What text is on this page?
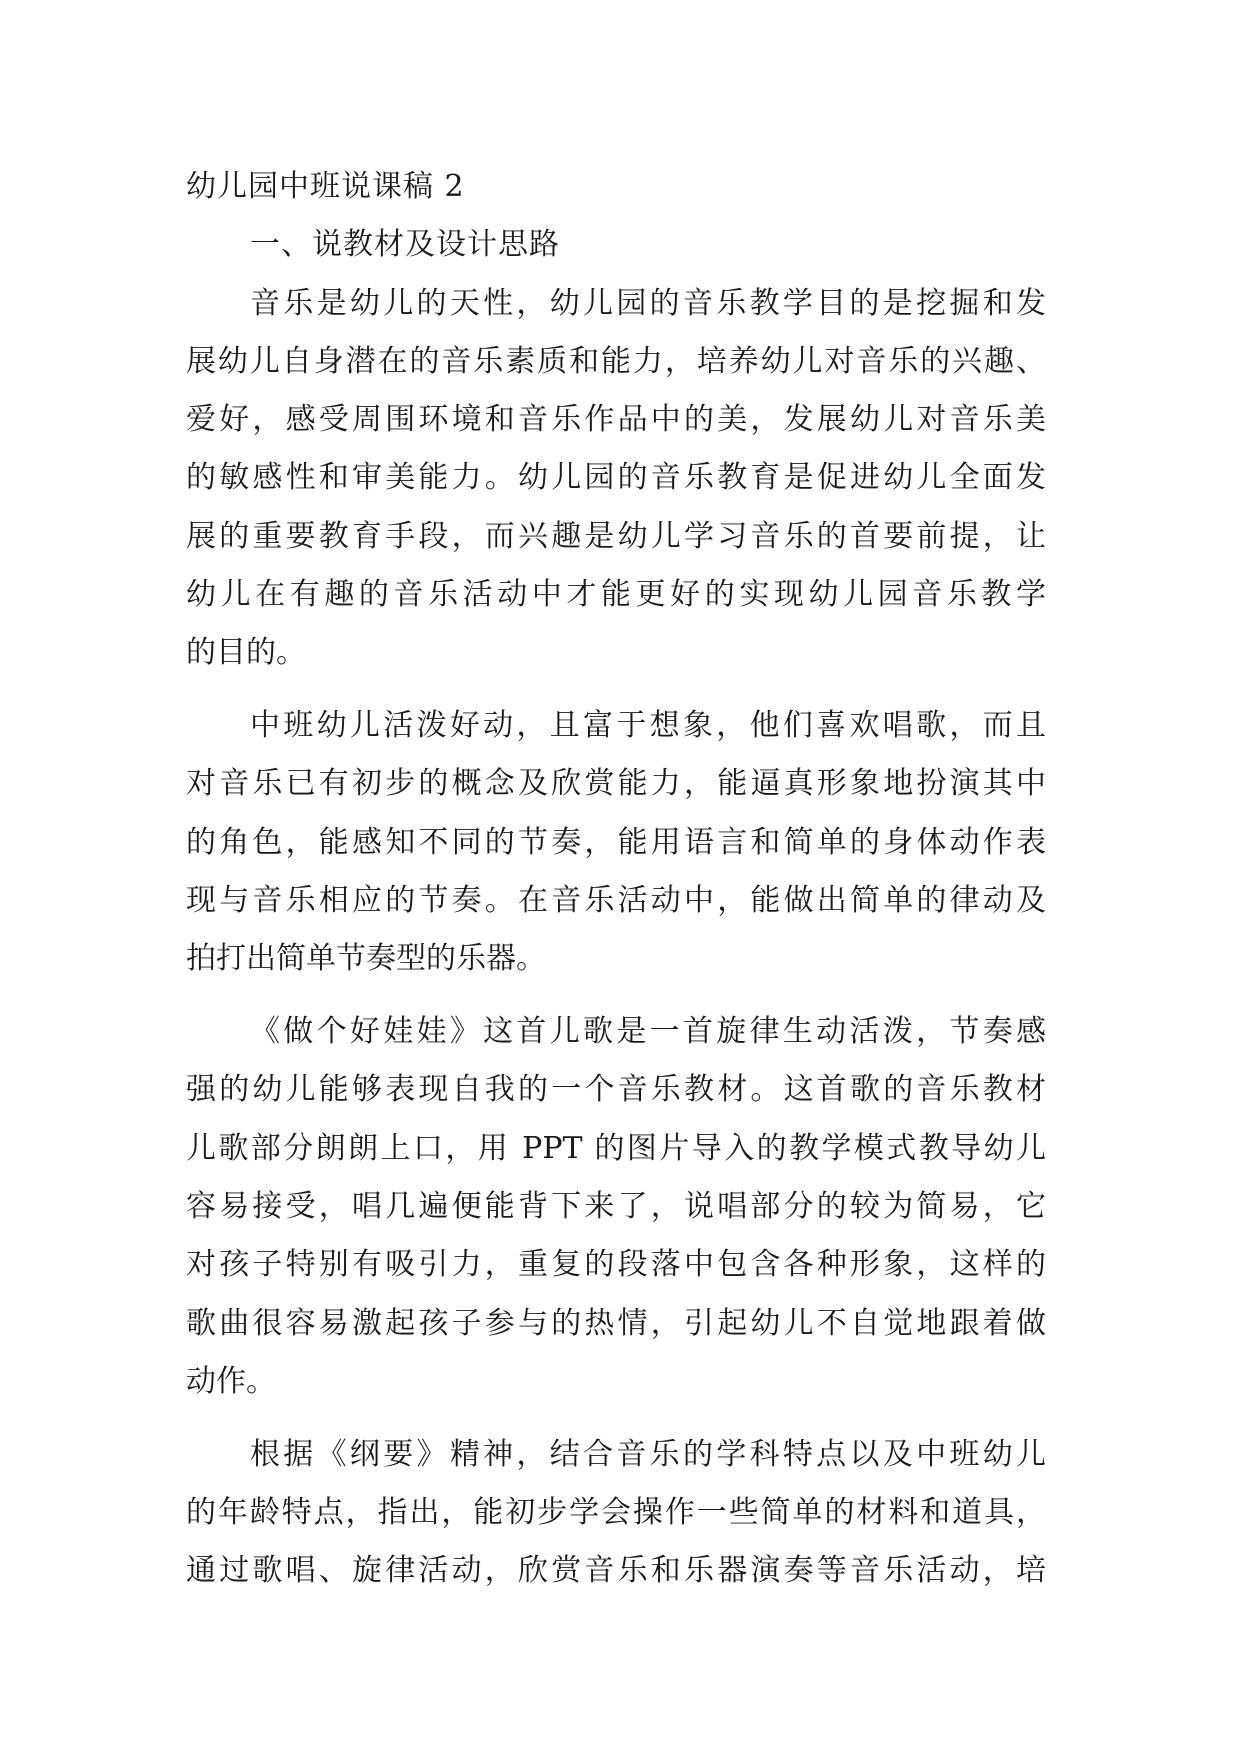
幼儿园中班说课稿 2
一、说教材及设计思路
音乐是幼儿的天性，幼儿园的音乐教学目的是挖掘和发
展幼儿自身潜在的音乐素质和能力，培养幼儿对音乐的兴趣、
爱好，感受周围环境和音乐作品中的美，发展幼儿对音乐美
的敏感性和审美能力。幼儿园的音乐教育是促进幼儿全面发
展的重要教育手段，而兴趣是幼儿学习音乐的首要前提，让
幼儿在有趣的音乐活动中才能更好的实现幼儿园音乐教学
的目的。
中班幼儿活泼好动，且富于想象，他们喜欢唱歌，而且
对音乐已有初步的概念及欣赏能力，能逼真形象地扮演其中
的角色，能感知不同的节奏，能用语言和简单的身体动作表
现与音乐相应的节奏。在音乐活动中，能做出简单的律动及
拍打出简单节奏型的乐器。
《做个好娃娃》这首儿歌是一首旋律生动活泼，节奏感
强的幼儿能够表现自我的一个音乐教材。这首歌的音乐教材
儿歌部分朗朗上口，用 PPT 的图片导入的教学模式教导幼儿
容易接受，唱几遍便能背下来了，说唱部分的较为简易，它
对孩子特别有吸引力，重复的段落中包含各种形象，这样的
歌曲很容易激起孩子参与的热情，引起幼儿不自觉地跟着做
动作。
根据《纲要》精神，结合音乐的学科特点以及中班幼儿
的年龄特点，指出，能初步学会操作一些简单的材料和道具，
通过歌唱、旋律活动，欣赏音乐和乐器演奏等音乐活动，培
